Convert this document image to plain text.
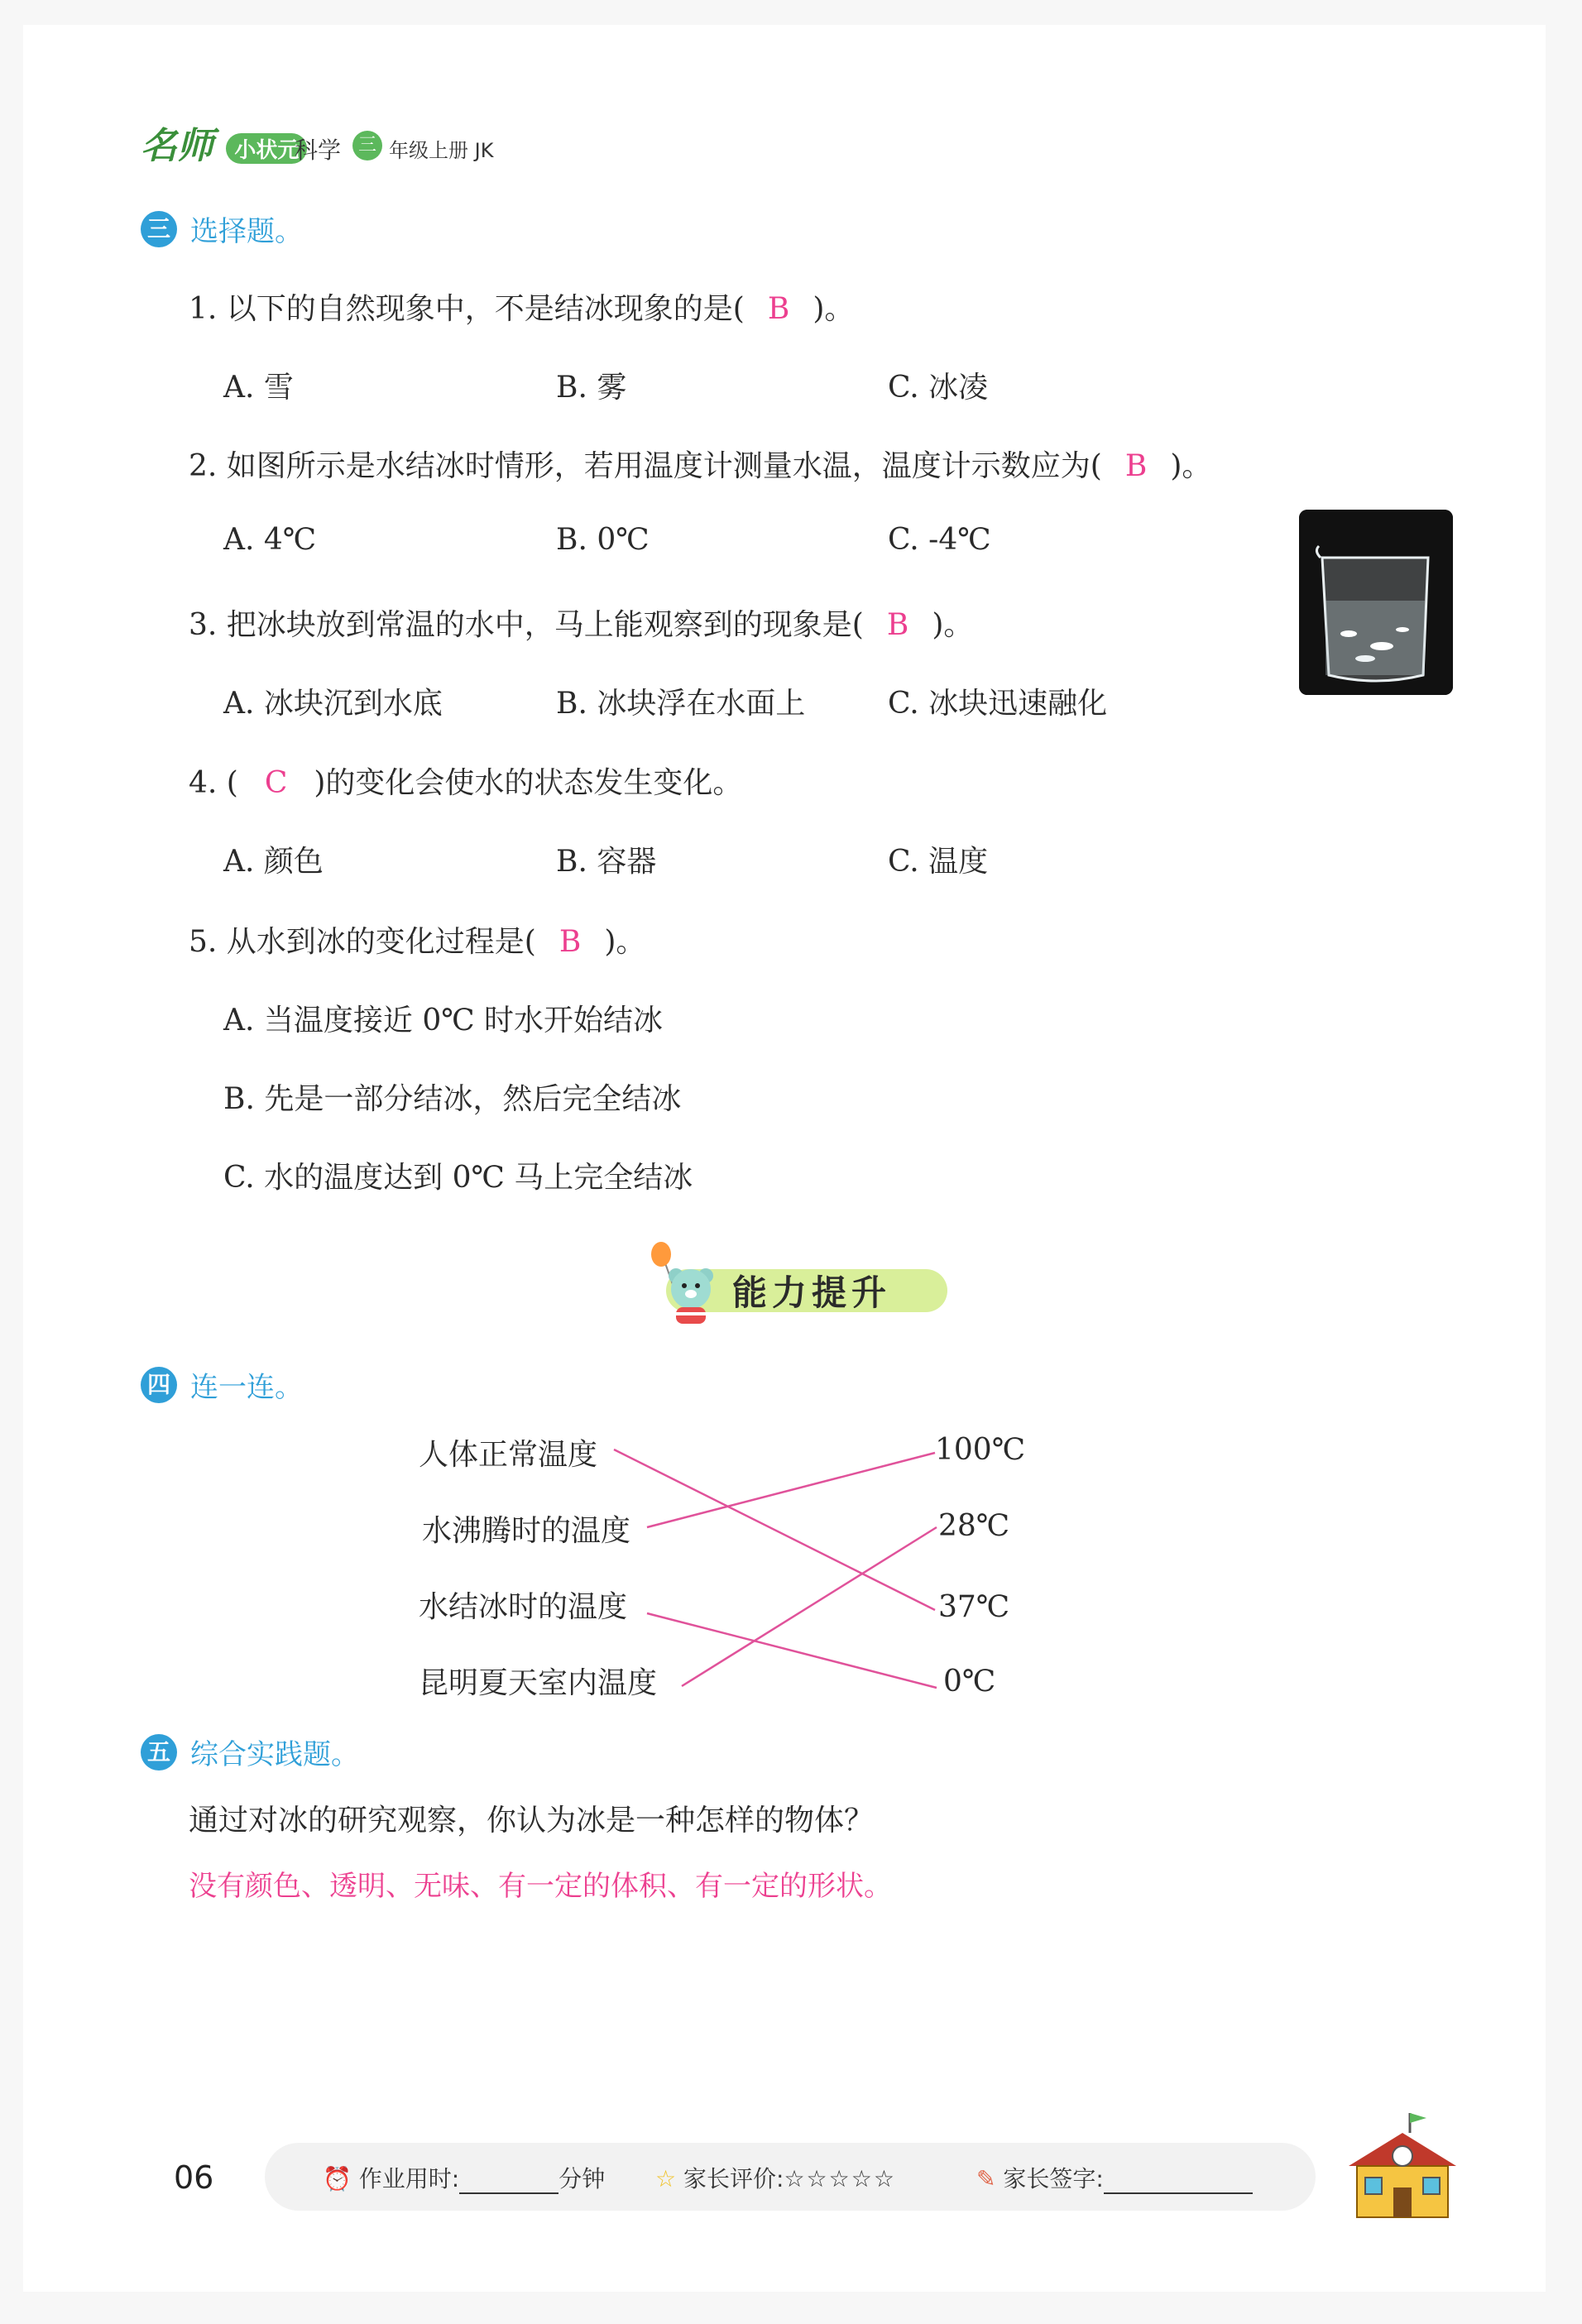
名师 小状元
科学 三 年级上册 JK
三 选择题。
1. 以下的自然现象中，不是结冰现象的是( B )。
A. 雪	B. 雾	C. 冰凌
2. 如图所示是水结冰时情形，若用温度计测量水温，温度计示数应为( B )。
A. 4℃	B. 0℃	C. -4℃
3. 把冰块放到常温的水中，马上能观察到的现象是( B )。
A. 冰块沉到水底	B. 冰块浮在水面上	C. 冰块迅速融化
4. ( C )的变化会使水的状态发生变化。
A. 颜色	B. 容器	C. 温度
5. 从水到冰的变化过程是( B )。
A. 当温度接近 0℃ 时水开始结冰
B. 先是一部分结冰，然后完全结冰
C. 水的温度达到 0℃ 马上完全结冰
能力提升
四 连一连。
人体正常温度
水沸腾时的温度
水结冰时的温度
昆明夏天室内温度
100℃
28℃
37℃
0℃
五 综合实践题。
通过对冰的研究观察，你认为冰是一种怎样的物体？
没有颜色、透明、无味、有一定的体积、有一定的形状。
06	⏰ 作业用时:	分钟 ☆ 家长评价:☆☆☆☆☆	✎ 家长签字:
